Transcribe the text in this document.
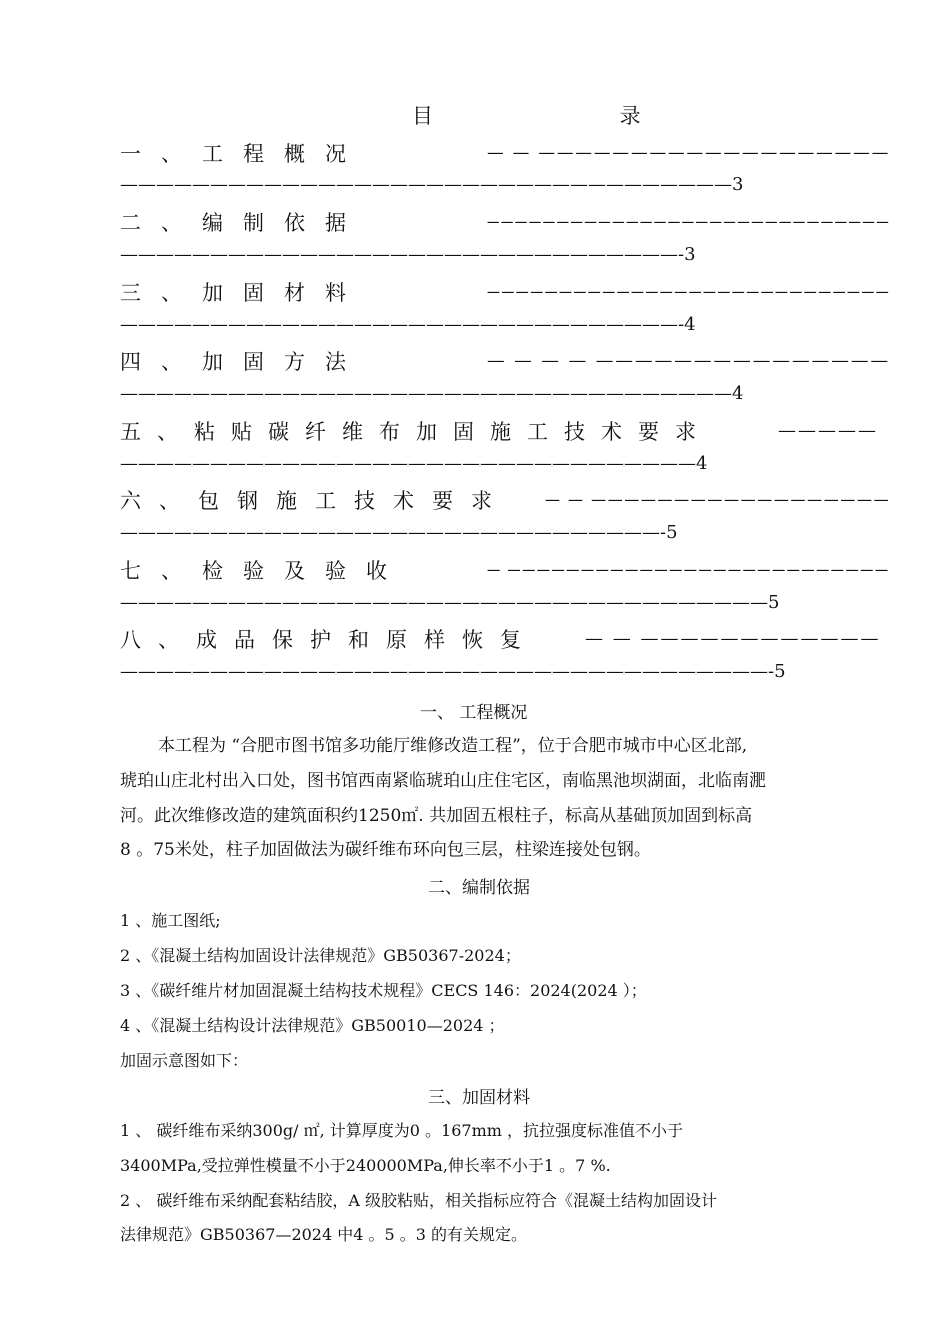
目 录
一、工程概况	— — ———————————————————
——————————————————————————————————3
二、编制依据	—————————————————————————————
———————————————————————————————-3
三、加固材料	————————————————————————————
———————————————————————————————-4
四、加固方法	— — — — ———————————————
——————————————————————————————————4
五、粘贴碳纤维布加固施工技术要求	—————
————————————————————————————————4
六、包钢施工技术要求 — — ——————————————————
——————————————————————————————-5
七、检验及验收	— ——————————————————————————
————————————————————————————————————5
八、成品保护和原样恢复	— — ————————————
————————————————————————————————————-5
一、 工程概况
本工程为 “合肥市图书馆多功能厅维修改造工程”，位于合肥市城市中心区北部,
琥珀山庄北村出入口处，图书馆西南紧临琥珀山庄住宅区，南临黑池坝湖面，北临南淝
河。此次维修改造的建筑面积约1250㎡. 共加固五根柱子，标高从基础顶加固到标高
8 。75米处，柱子加固做法为碳纤维布环向包三层，柱梁连接处包钢。
二、编制依据
1 、施工图纸;
2 、《混凝土结构加固设计法律规范》GB50367-2024；
3 、《碳纤维片材加固混凝土结构技术规程》CECS 146：2024(2024 ）；
4 、《混凝土结构设计法律规范》GB50010—2024 ；
加固示意图如下：
三、加固材料
1 、 碳纤维布采纳300g/ ㎡, 计算厚度为0 。167mm ，抗拉强度标准值不小于
3400MPa,受拉弹性模量不小于240000MPa,伸长率不小于1 。7 %.
2 、 碳纤维布采纳配套粘结胶，A 级胶粘贴，相关指标应符合《混凝土结构加固设计
法律规范》GB50367—2024 中4 。5 。3 的有关规定。
